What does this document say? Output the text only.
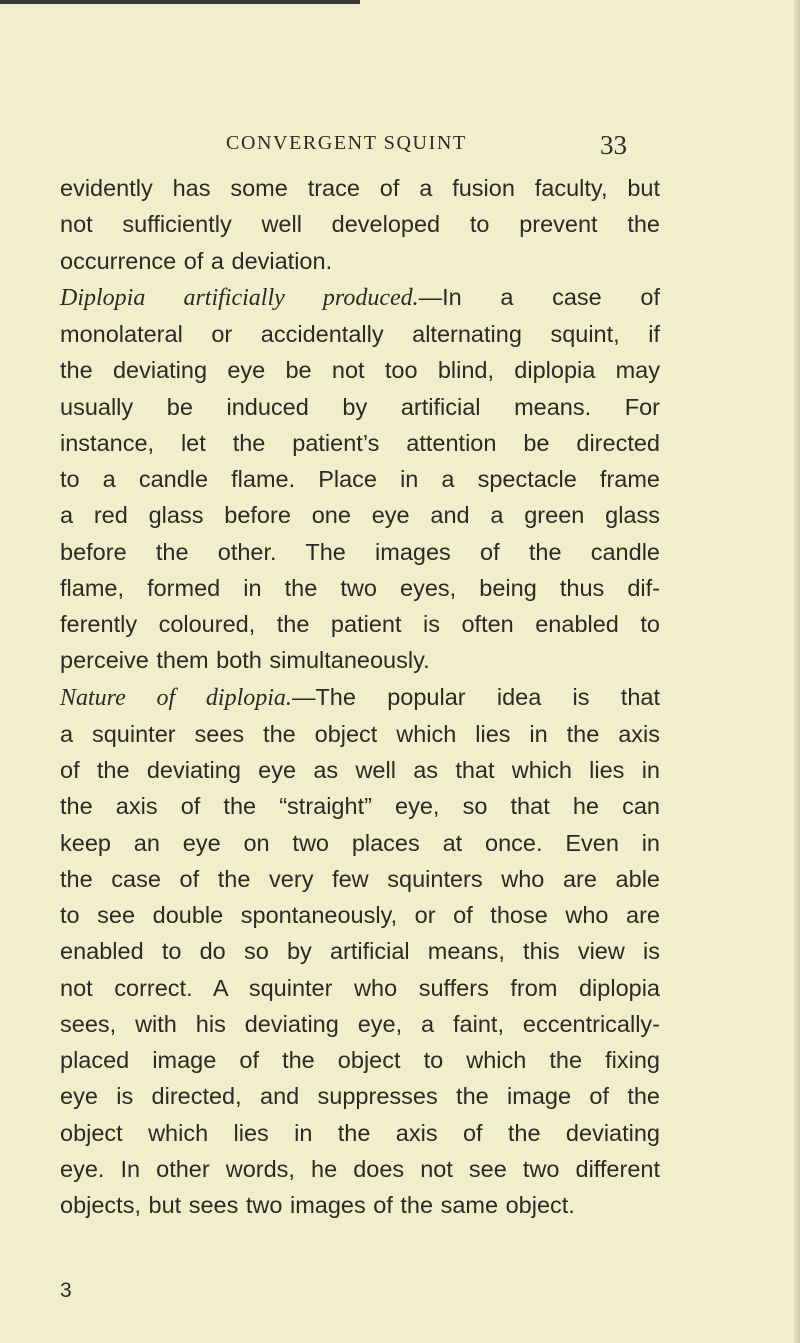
CONVERGENT SQUINT	33
evidently has some trace of a fusion faculty, but
not sufficiently well developed to prevent the
occurrence of a deviation.
Diplopia artificially produced.—In a case of
monolateral or accidentally alternating squint, if
the deviating eye be not too blind, diplopia may
usually be induced by artificial means. For
instance, let the patient’s attention be directed
to a candle flame. Place in a spectacle frame
a red glass before one eye and a green glass
before the other. The images of the candle
flame, formed in the two eyes, being thus dif-
ferently coloured, the patient is often enabled to
perceive them both simultaneously.
Nature of diplopia.—The popular idea is that
a squinter sees the object which lies in the axis
of the deviating eye as well as that which lies in
the axis of the “straight” eye, so that he can
keep an eye on two places at once. Even in
the case of the very few squinters who are able
to see double spontaneously, or of those who are
enabled to do so by artificial means, this view is
not correct. A squinter who suffers from diplopia
sees, with his deviating eye, a faint, eccentrically-
placed image of the object to which the fixing
eye is directed, and suppresses the image of the
object which lies in the axis of the deviating
eye. In other words, he does not see two different
objects, but sees two images of the same object.
3
